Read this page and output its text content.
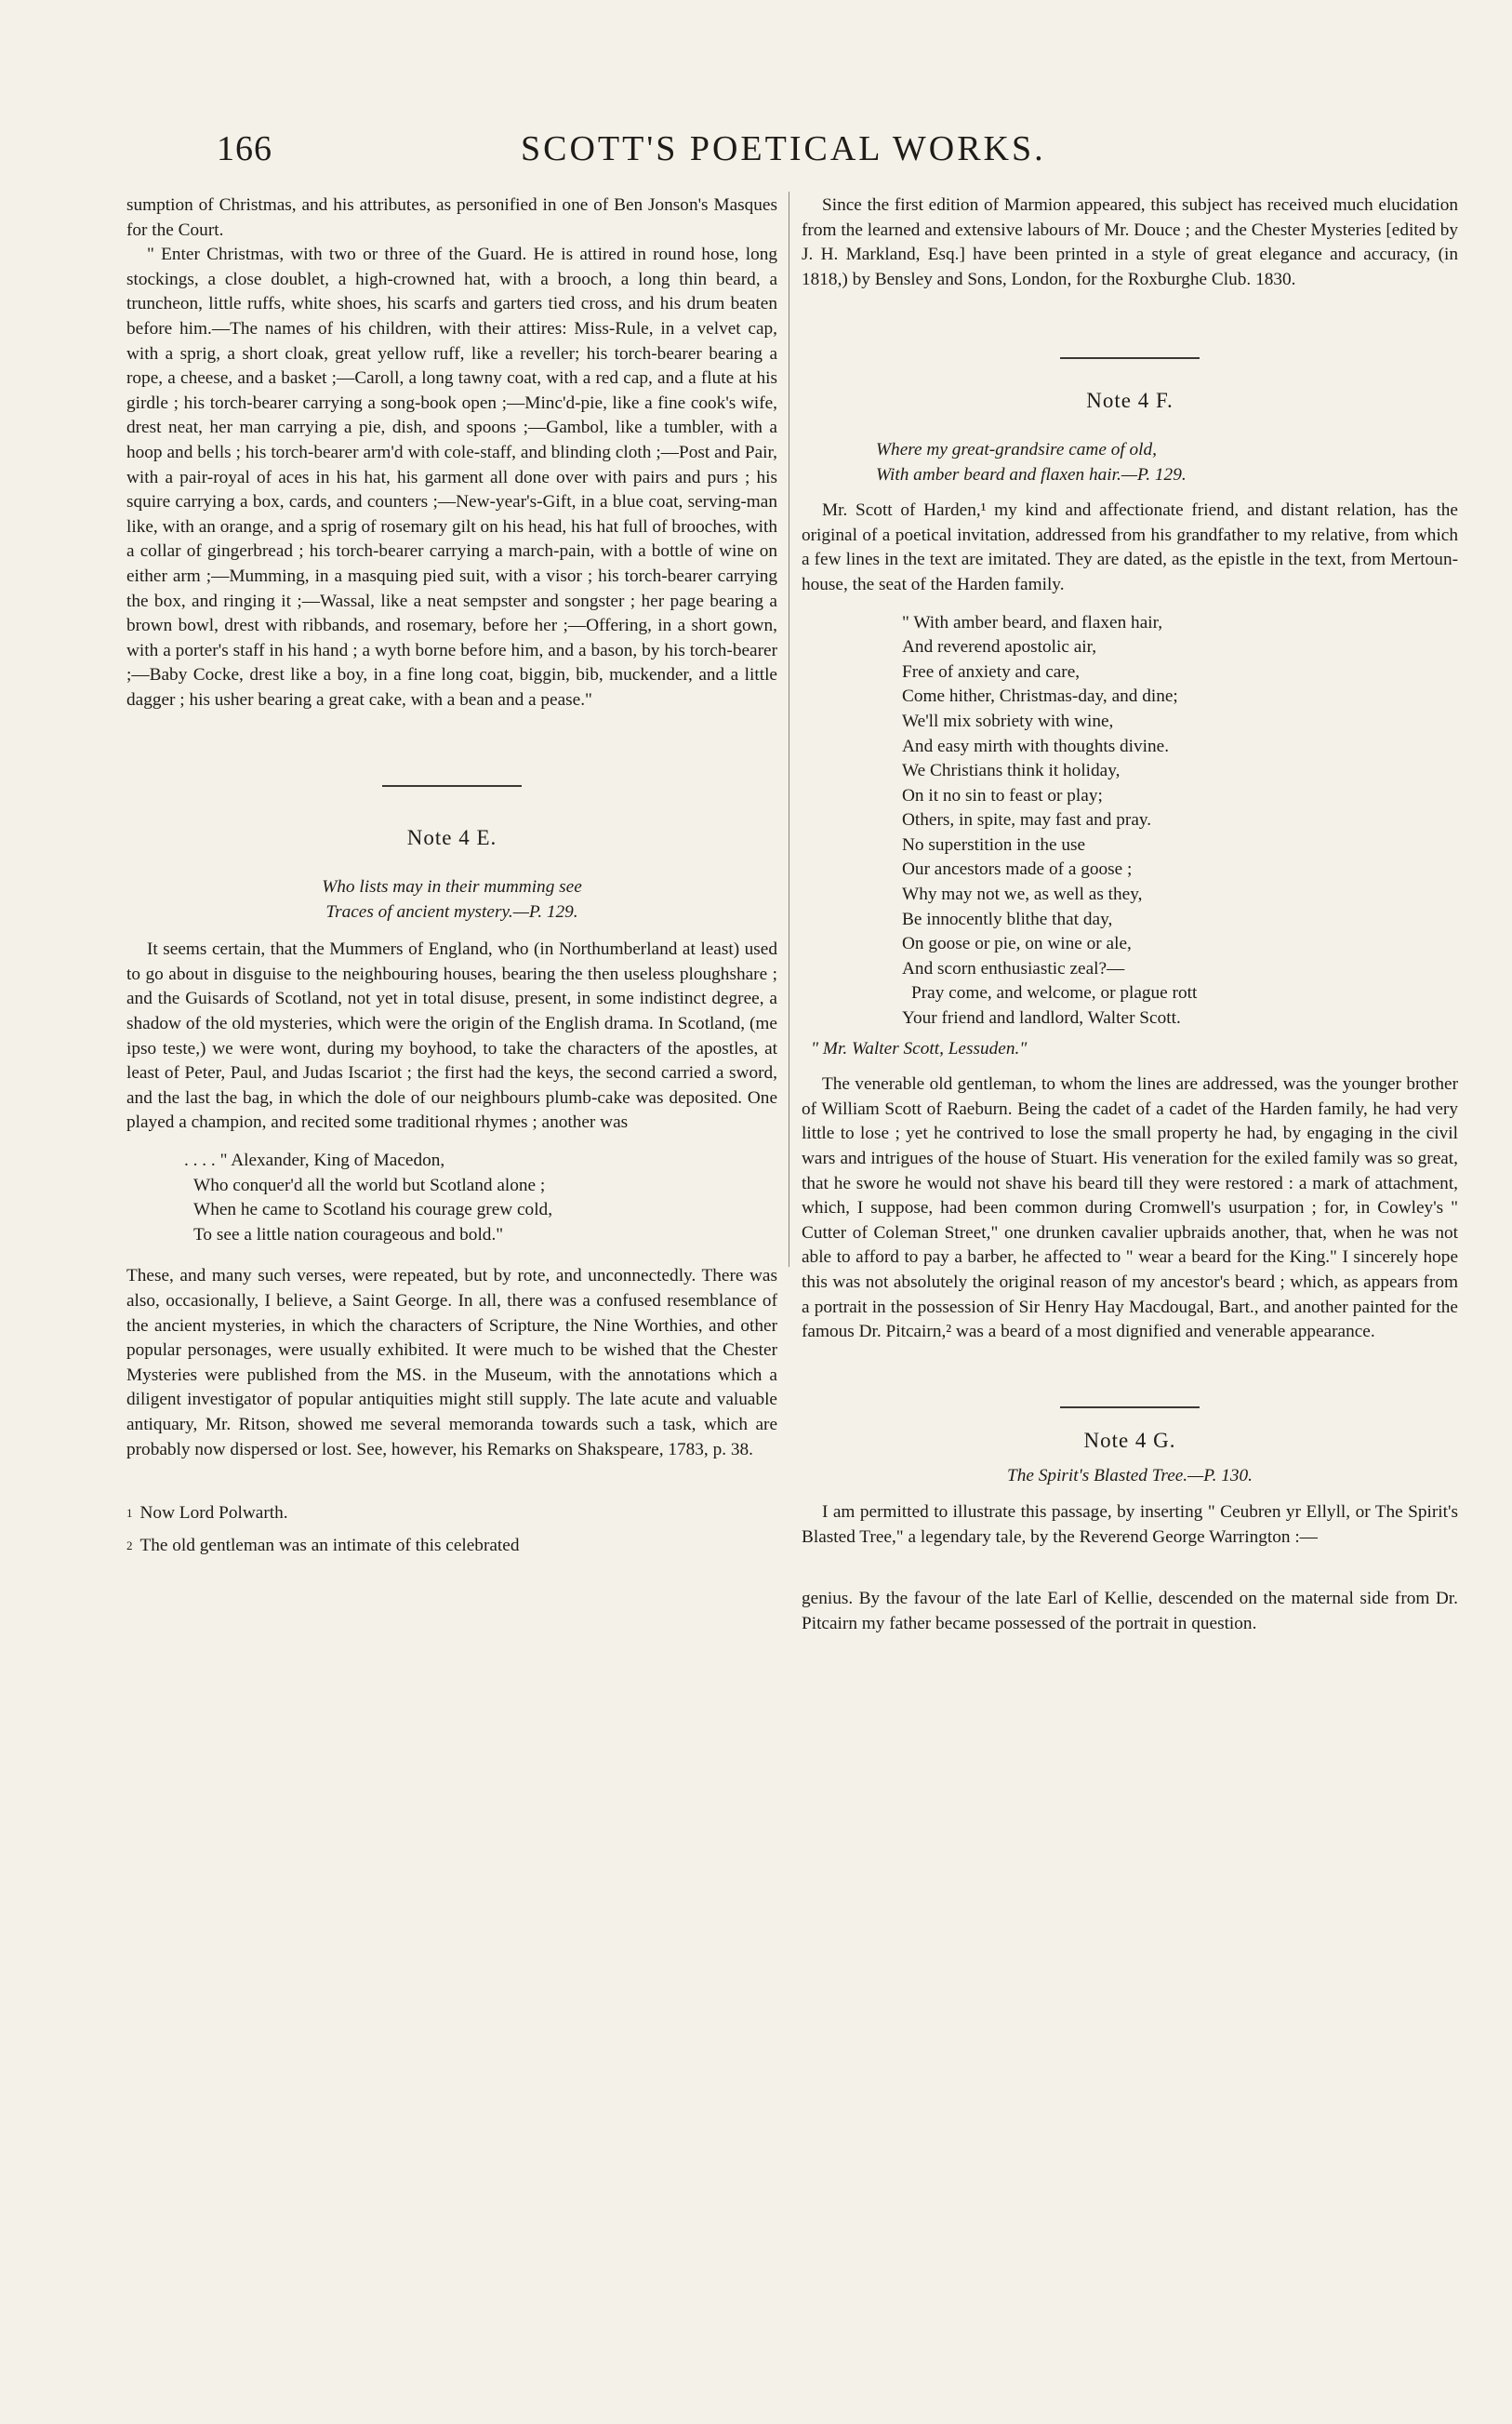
166	SCOTT'S POETICAL WORKS.

sumption of Christmas, and his attributes, as personified in one of Ben Jonson's Masques for the Court.

" Enter Christmas, with two or three of the Guard. He is attired in round hose, long stockings, a close doublet, a high-crowned hat, with a brooch, a long thin beard, a truncheon, little ruffs, white shoes, his scarfs and garters tied cross, and his drum beaten before him.—The names of his children, with their attires: Miss-Rule, in a velvet cap, with a sprig, a short cloak, great yellow ruff, like a reveller; his torch-bearer bearing a rope, a cheese, and a basket ;—Caroll, a long tawny coat, with a red cap, and a flute at his girdle ; his torch-bearer carrying a song-book open ;—Minc'd-pie, like a fine cook's wife, drest neat, her man carrying a pie, dish, and spoons ;—Gambol, like a tumbler, with a hoop and bells ; his torch-bearer arm'd with cole-staff, and blinding cloth ;—Post and Pair, with a pair-royal of aces in his hat, his garment all done over with pairs and purs ; his squire carrying a box, cards, and counters ;—New-year's-Gift, in a blue coat, serving-man like, with an orange, and a sprig of rosemary gilt on his head, his hat full of brooches, with a collar of gingerbread ; his torch-bearer carrying a march-pain, with a bottle of wine on either arm ;—Mumming, in a masquing pied suit, with a visor ; his torch-bearer carrying the box, and ringing it ;—Wassal, like a neat sempster and songster ; her page bearing a brown bowl, drest with ribbands, and rosemary, before her ;—Offering, in a short gown, with a porter's staff in his hand ; a wyth borne before him, and a bason, by his torch-bearer ;—Baby Cocke, drest like a boy, in a fine long coat, biggin, bib, muckender, and a little dagger ; his usher bearing a great cake, with a bean and a pease."

Note 4 E.

Who lists may in their mumming see

Traces of ancient mystery.—P. 129.

It seems certain, that the Mummers of England, who (in Northumberland at least) used to go about in disguise to the neighbouring houses, bearing the then useless ploughshare ; and the Guisards of Scotland, not yet in total disuse, present, in some indistinct degree, a shadow of the old mysteries, which were the origin of the English drama. In Scotland, (me ipso teste,) we were wont, during my boyhood, to take the characters of the apostles, at least of Peter, Paul, and Judas Iscariot ; the first had the keys, the second carried a sword, and the last the bag, in which the dole of our neighbours plumb-cake was deposited. One played a champion, and recited some traditional rhymes ; another was

. . . . " Alexander, King of Macedon,
Who conquer'd all the world but Scotland alone ;
When he came to Scotland his courage grew cold,
To see a little nation courageous and bold."

These, and many such verses, were repeated, but by rote, and unconnectedly. There was also, occasionally, I believe, a Saint George. In all, there was a confused resemblance of the ancient mysteries, in which the characters of Scripture, the Nine Worthies, and other popular personages, were usually exhibited. It were much to be wished that the Chester Mysteries were published from the MS. in the Museum, with the annotations which a diligent investigator of popular antiquities might still supply. The late acute and valuable antiquary, Mr. Ritson, showed me several memoranda towards such a task, which are probably now dispersed or lost. See, however, his Remarks on Shakspeare, 1783, p. 38.

$^1$ Now Lord Polwarth.
$^2$ The old gentleman was an intimate of this celebrated

Since the first edition of Marmion appeared, this subject has received much elucidation from the learned and extensive labours of Mr. Douce ; and the Chester Mysteries [edited by J. H. Markland, Esq.] have been printed in a style of great elegance and accuracy, (in 1818,) by Bensley and Sons, London, for the Roxburghe Club. 1830.

Note 4 F.

Where my great-grandsire came of old,

With amber beard and flaxen hair.—P. 129.

Mr. Scott of Harden,¹ my kind and affectionate friend, and distant relation, has the original of a poetical invitation, addressed from his grandfather to my relative, from which a few lines in the text are imitated. They are dated, as the epistle in the text, from Mertoun-house, the seat of the Harden family.

" With amber beard, and flaxen hair,
And reverend apostolic air,
Free of anxiety and care,
Come hither, Christmas-day, and dine;
We'll mix sobriety with wine,
And easy mirth with thoughts divine.
We Christians think it holiday,
On it no sin to feast or play;
Others, in spite, may fast and pray.
No superstition in the use
Our ancestors made of a goose ;
Why may not we, as well as they,
Be innocently blithe that day,
On goose or pie, on wine or ale,
And scorn enthusiastic zeal?—
Pray come, and welcome, or plague rott
Your friend and landlord, Walter Scott.
" Mr. Walter Scott, Lessuden."

The venerable old gentleman, to whom the lines are addressed, was the younger brother of William Scott of Raeburn. Being the cadet of a cadet of the Harden family, he had very little to lose ; yet he contrived to lose the small property he had, by engaging in the civil wars and intrigues of the house of Stuart. His veneration for the exiled family was so great, that he swore he would not shave his beard till they were restored : a mark of attachment, which, I suppose, had been common during Cromwell's usurpation ; for, in Cowley's " Cutter of Coleman Street," one drunken cavalier upbraids another, that, when he was not able to afford to pay a barber, he affected to " wear a beard for the King." I sincerely hope this was not absolutely the original reason of my ancestor's beard ; which, as appears from a portrait in the possession of Sir Henry Hay Macdougal, Bart., and another painted for the famous Dr. Pitcairn,² was a beard of a most dignified and venerable appearance.

Note 4 G.

The Spirit's Blasted Tree.—P. 130.

I am permitted to illustrate this passage, by inserting " Ceubren yr Ellyll, or The Spirit's Blasted Tree," a legendary tale, by the Reverend George Warrington :—

genius. By the favour of the late Earl of Kellie, descended on the maternal side from Dr. Pitcairn my father became possessed of the portrait in question.
